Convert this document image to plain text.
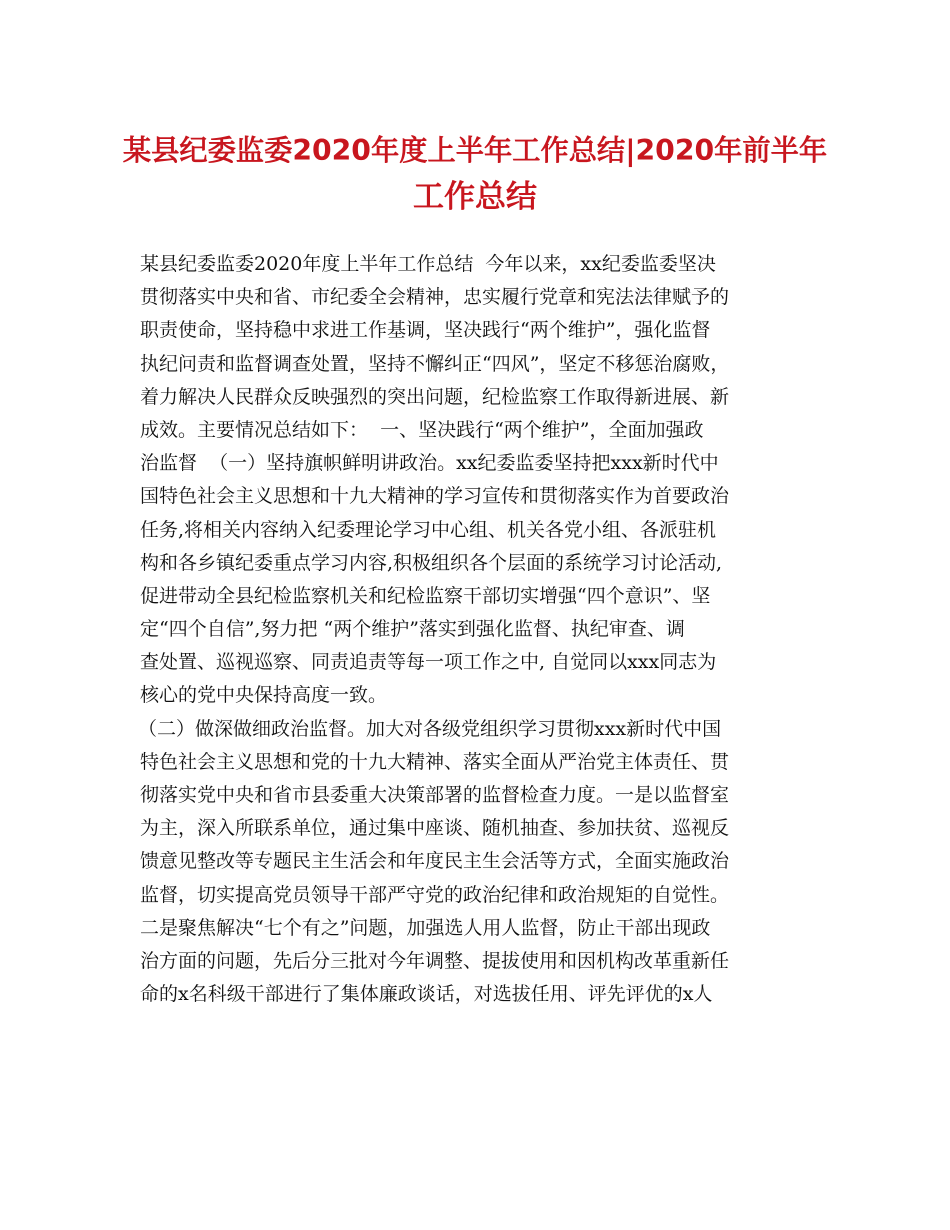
某县纪委监委2020年度上半年工作总结|2020年前半年
工作总结
某县纪委监委2020年度上半年工作总结  今年以来，xx纪委监委坚决
贯彻落实中央和省、市纪委全会精神，忠实履行党章和宪法法律赋予的
职责使命，坚持稳中求进工作基调，坚决践行“两个维护”，强化监督
执纪问责和监督调查处置，坚持不懈纠正“四风”，坚定不移惩治腐败，
着力解决人民群众反映强烈的突出问题，纪检监察工作取得新进展、新
成效。主要情况总结如下：  一、坚决践行“两个维护”，全面加强政
治监督  （一）坚持旗帜鲜明讲政治。xx纪委监委坚持把xxx新时代中
国特色社会主义思想和十九大精神的学习宣传和贯彻落实作为首要政治
任务,将相关内容纳入纪委理论学习中心组、机关各党小组、各派驻机
构和各乡镇纪委重点学习内容,积极组织各个层面的系统学习讨论活动,
促进带动全县纪检监察机关和纪检监察干部切实增强“四个意识”、坚
定“四个自信”,努力把 “两个维护”落实到强化监督、执纪审查、调
查处置、巡视巡察、同责追责等每一项工作之中, 自觉同以xxx同志为
核心的党中央保持高度一致。
（二）做深做细政治监督。加大对各级党组织学习贯彻xxx新时代中国
特色社会主义思想和党的十九大精神、落实全面从严治党主体责任、贯
彻落实党中央和省市县委重大决策部署的监督检查力度。一是以监督室
为主，深入所联系单位，通过集中座谈、随机抽查、参加扶贫、巡视反
馈意见整改等专题民主生活会和年度民主生会活等方式，全面实施政治
监督，切实提高党员领导干部严守党的政治纪律和政治规矩的自觉性。
二是聚焦解决“七个有之”问题，加强选人用人监督，防止干部出现政
治方面的问题，先后分三批对今年调整、提拔使用和因机构改革重新任
命的x名科级干部进行了集体廉政谈话，对选拔任用、评先评优的x人
